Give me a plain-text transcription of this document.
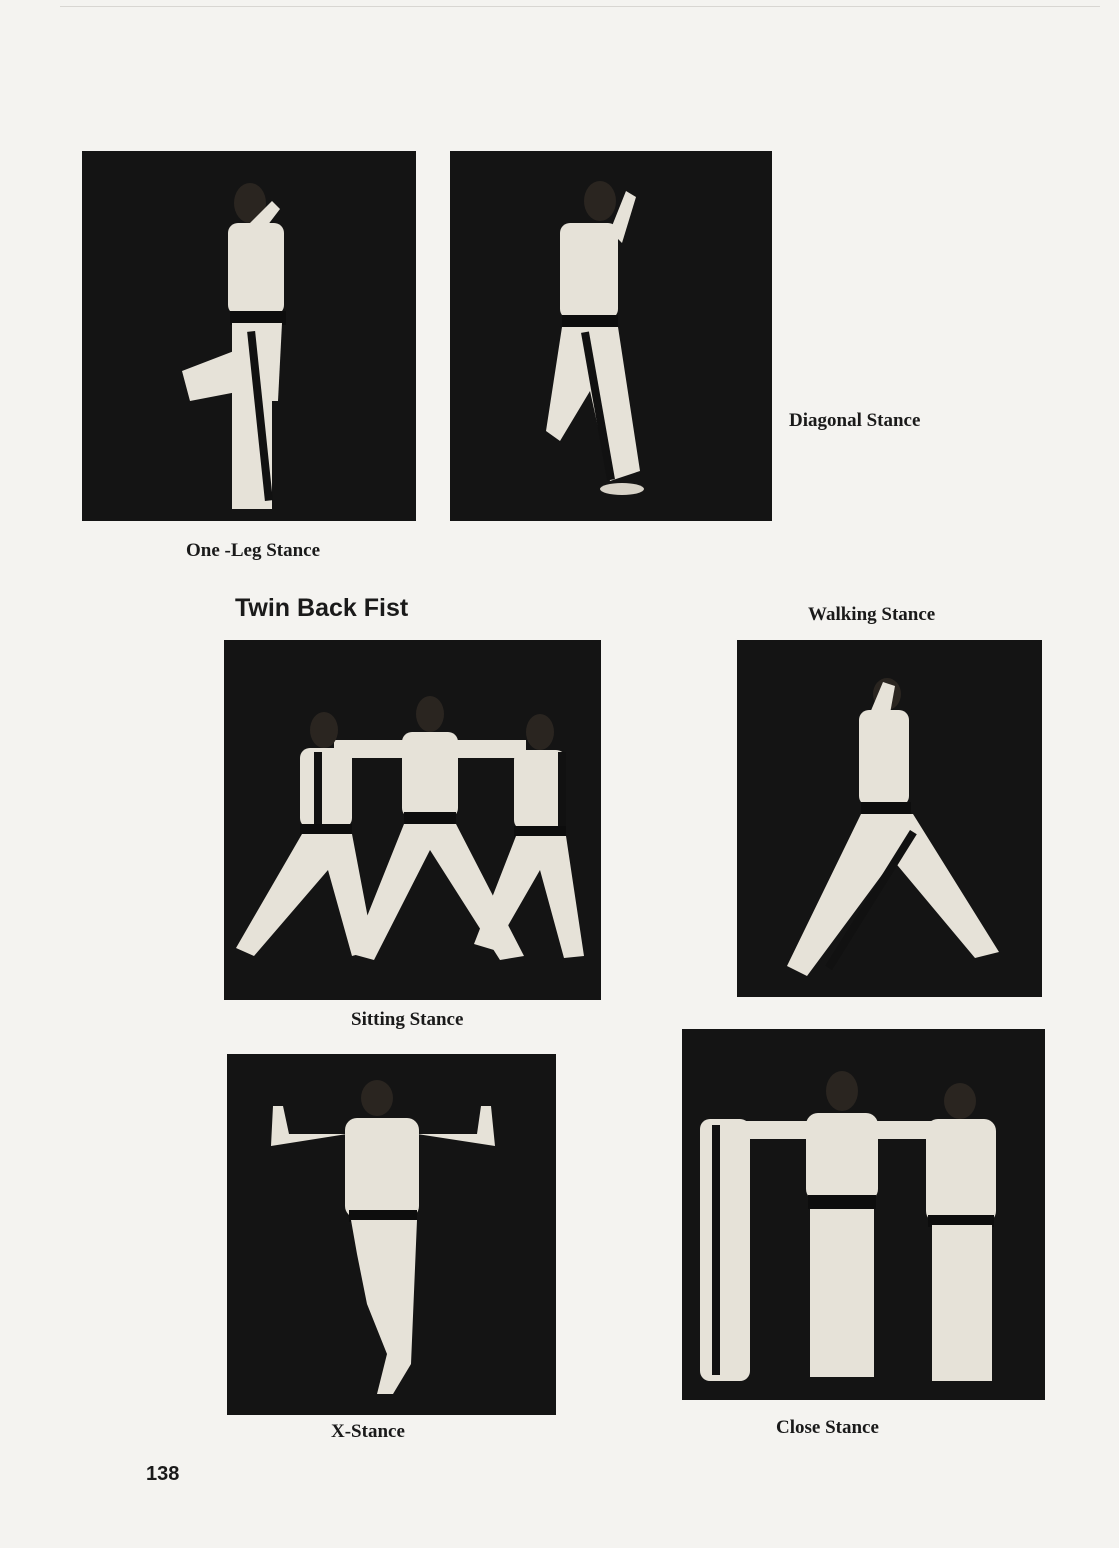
One -Leg Stance
Diagonal Stance
Twin Back Fist	Walking Stance
Sitting Stance
X-Stance	Close Stance
138
